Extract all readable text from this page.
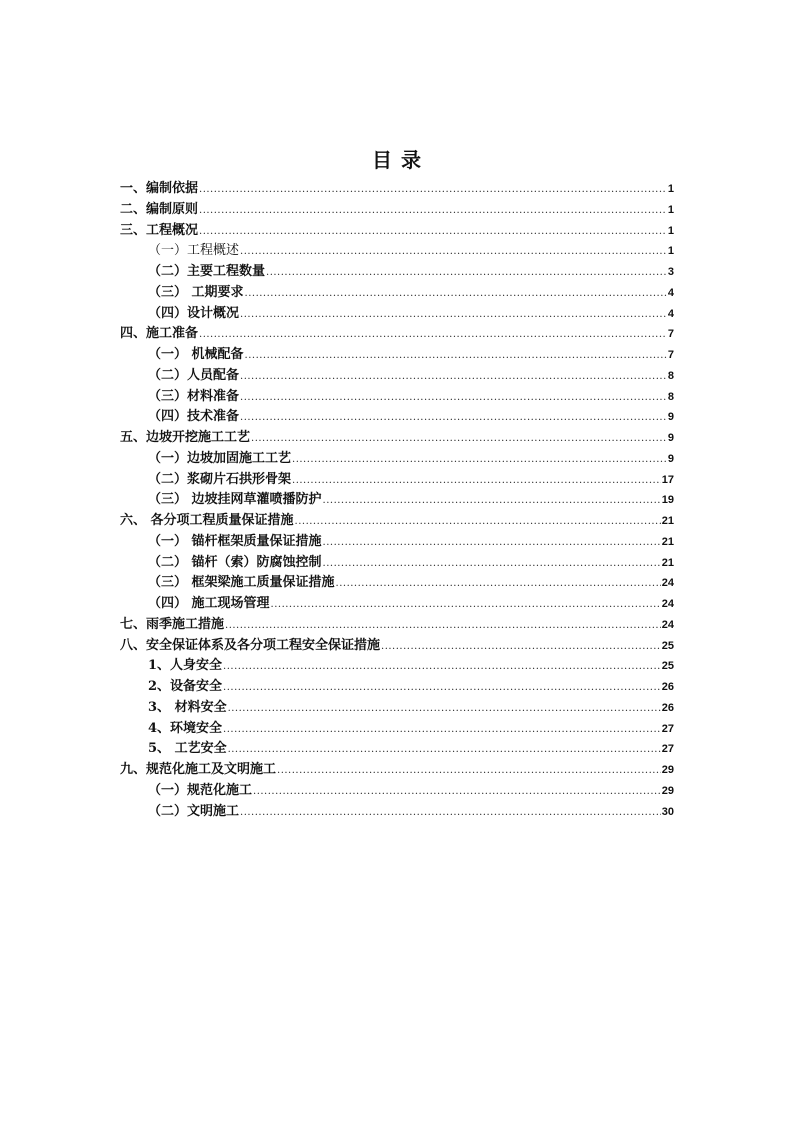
目 录
一、编制依据 .....	1
二、编制原则 .....	1
三、工程概况 .....	1
（一）工程概述 .....	1
（二）主要工程数量 .....	3
（三） 工期要求 .....	4
（四）设计概况 .....	4
四、施工准备 .....	7
（一） 机械配备 .....	7
（二）人员配备 .....	8
（三）材料准备 .....	8
（四）技术准备 .....	9
五、边坡开挖施工工艺 .....	9
（一）边坡加固施工工艺 .....	9
（二）浆砌片石拱形骨架 .....	17
（三） 边坡挂网草灌喷播防护 .....	19
六、 各分项工程质量保证措施 .....	21
（一） 锚杆框架质量保证措施 .....	21
（二） 锚杆（索）防腐蚀控制 .....	21
（三） 框架梁施工质量保证措施 .....	24
（四） 施工现场管理 .....	24
七、雨季施工措施 .....	24
八、安全保证体系及各分项工程安全保证措施 .....	25
1、人身安全 .....	25
2、设备安全 .....	26
3、 材料安全 .....	26
4、环境安全 .....	27
5、 工艺安全 .....	27
九、规范化施工及文明施工 .....	29
（一）规范化施工 .....	29
（二）文明施工 .....	30
